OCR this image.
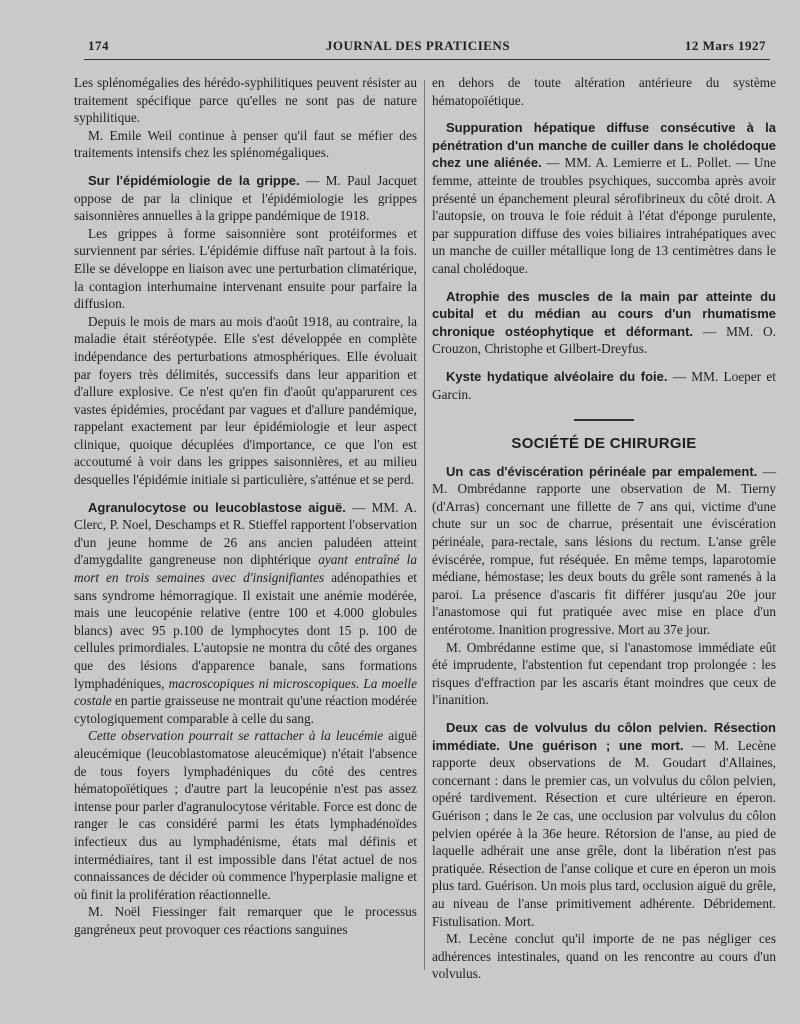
174	JOURNAL DES PRATICIENS	12 Mars 1927

Les splénomégalies des hérédo-syphilitiques peuvent résister au traitement spécifique parce qu'elles ne sont pas de nature syphilitique.

M. Emile Weil continue à penser qu'il faut se méfier des traitements intensifs chez les splénomégaliques.

Sur l'épidémiologie de la grippe. — M. Paul Jacquet oppose de par la clinique et l'épidémiologie les grippes saisonnières annuelles à la grippe pandémique de 1918.

Les grippes à forme saisonnière sont protéiformes et surviennent par séries. L'épidémie diffuse naît partout à la fois. Elle se développe en liaison avec une perturbation climatérique, la contagion interhumaine intervenant ensuite pour parfaire la diffusion.

Depuis le mois de mars au mois d'août 1918, au contraire, la maladie était stéréotypée. Elle s'est développée en complète indépendance des perturbations atmosphériques. Elle évoluait par foyers très délimités, successifs dans leur apparition et d'allure explosive. Ce n'est qu'en fin d'août qu'apparurent ces vastes épidémies, procédant par vagues et d'allure pandémique, rappelant exactement par leur épidémiologie et leur aspect clinique, quoique décuplées d'importance, ce que l'on est accoutumé à voir dans les grippes saisonnières, et au milieu desquelles l'épidémie initiale si particulière, s'atténue et se perd.

Agranulocytose ou leucoblastose aiguë. — MM. A. Clerc, P. Noel, Deschamps et R. Stieffel rapportent l'observation d'un jeune homme de 26 ans ancien paludéen atteint d'amygdalite gangreneuse non diphtérique ayant entraîné la mort en trois semaines avec d'insignifiantes adénopathies et sans syndrome hémorragique. Il existait une anémie modérée, mais une leucopénie relative (entre 100 et 4.000 globules blancs) avec 95 p.100 de lymphocytes dont 15 p. 100 de cellules primordiales. L'autopsie ne montra du côté des organes que des lésions d'apparence banale, sans formations lymphadéniques, macroscopiques ni microscopiques. La moelle costale en partie graisseuse ne montrait qu'une réaction modérée cytologiquement comparable à celle du sang.

Cette observation pourrait se rattacher à la leucémie aiguë aleucémique (leucoblastomatose aleucémique) n'était l'absence de tous foyers lymphadéniques du côté des centres hématopoïétiques ; d'autre part la leucopénie n'est pas assez intense pour parler d'agranulocytose véritable. Force est donc de ranger le cas considéré parmi les états lymphadénoïdes infectieux dus au lymphadénisme, états mal définis et intermédiaires, tant il est impossible dans l'état actuel de nos connaissances de décider où commence l'hyperplasie maligne et où finit la prolifération réactionnelle.

M. Noël Fiessinger fait remarquer que le processus gangréneux peut provoquer ces réactions sanguines

en dehors de toute altération antérieure du système hématopoïétique.

Suppuration hépatique diffuse consécutive à la pénétration d'un manche de cuiller dans le cholédoque chez une aliénée. — MM. A. Lemierre et L. Pollet. — Une femme, atteinte de troubles psychiques, succomba après avoir présenté un épanchement pleural sérofibrineux du côté droit. A l'autopsie, on trouva le foie réduit à l'état d'éponge purulente, par suppuration diffuse des voies biliaires intrahépatiques avec un manche de cuiller métallique long de 13 centimètres dans le canal cholédoque.

Atrophie des muscles de la main par atteinte du cubital et du médian au cours d'un rhumatisme chronique ostéophytique et déformant. — MM. O. Crouzon, Christophe et Gilbert-Dreyfus.

Kyste hydatique alvéolaire du foie. — MM. Loeper et Garcin.

SOCIÉTÉ DE CHIRURGIE

Un cas d'éviscération périnéale par empalement. — M. Ombrédanne rapporte une observation de M. Tierny (d'Arras) concernant une fillette de 7 ans qui, victime d'une chute sur un soc de charrue, présentait une éviscération périnéale, para-rectale, sans lésions du rectum. L'anse grêle éviscérée, rompue, fut réséquée. En même temps, laparotomie médiane, hémostase; les deux bouts du grêle sont ramenés à la paroi. La présence d'ascaris fit différer jusqu'au 20e jour l'anastomose qui fut pratiquée avec mise en place d'un entérotome. Inanition progressive. Mort au 37e jour.

M. Ombrédanne estime que, si l'anastomose immédiate eût été imprudente, l'abstention fut cependant trop prolongée : les risques d'effraction par les ascaris étant moindres que ceux de l'inanition.

Deux cas de volvulus du côlon pelvien. Résection immédiate. Une guérison ; une mort. — M. Lecène rapporte deux observations de M. Goudart d'Allaines, concernant : dans le premier cas, un volvulus du côlon pelvien, opéré tardivement. Résection et cure ultérieure en éperon. Guérison ; dans le 2e cas, une occlusion par volvulus du côlon pelvien opérée à la 36e heure. Rétorsion de l'anse, au pied de laquelle adhérait une anse grêle, dont la libération n'est pas pratiquée. Résection de l'anse colique et cure en éperon un mois plus tard. Guérison. Un mois plus tard, occlusion aiguë du grêle, au niveau de l'anse primitivement adhérente. Débridement. Fistulisation. Mort.

M. Lecène conclut qu'il importe de ne pas négliger ces adhérences intestinales, quand on les rencontre au cours d'un volvulus.
